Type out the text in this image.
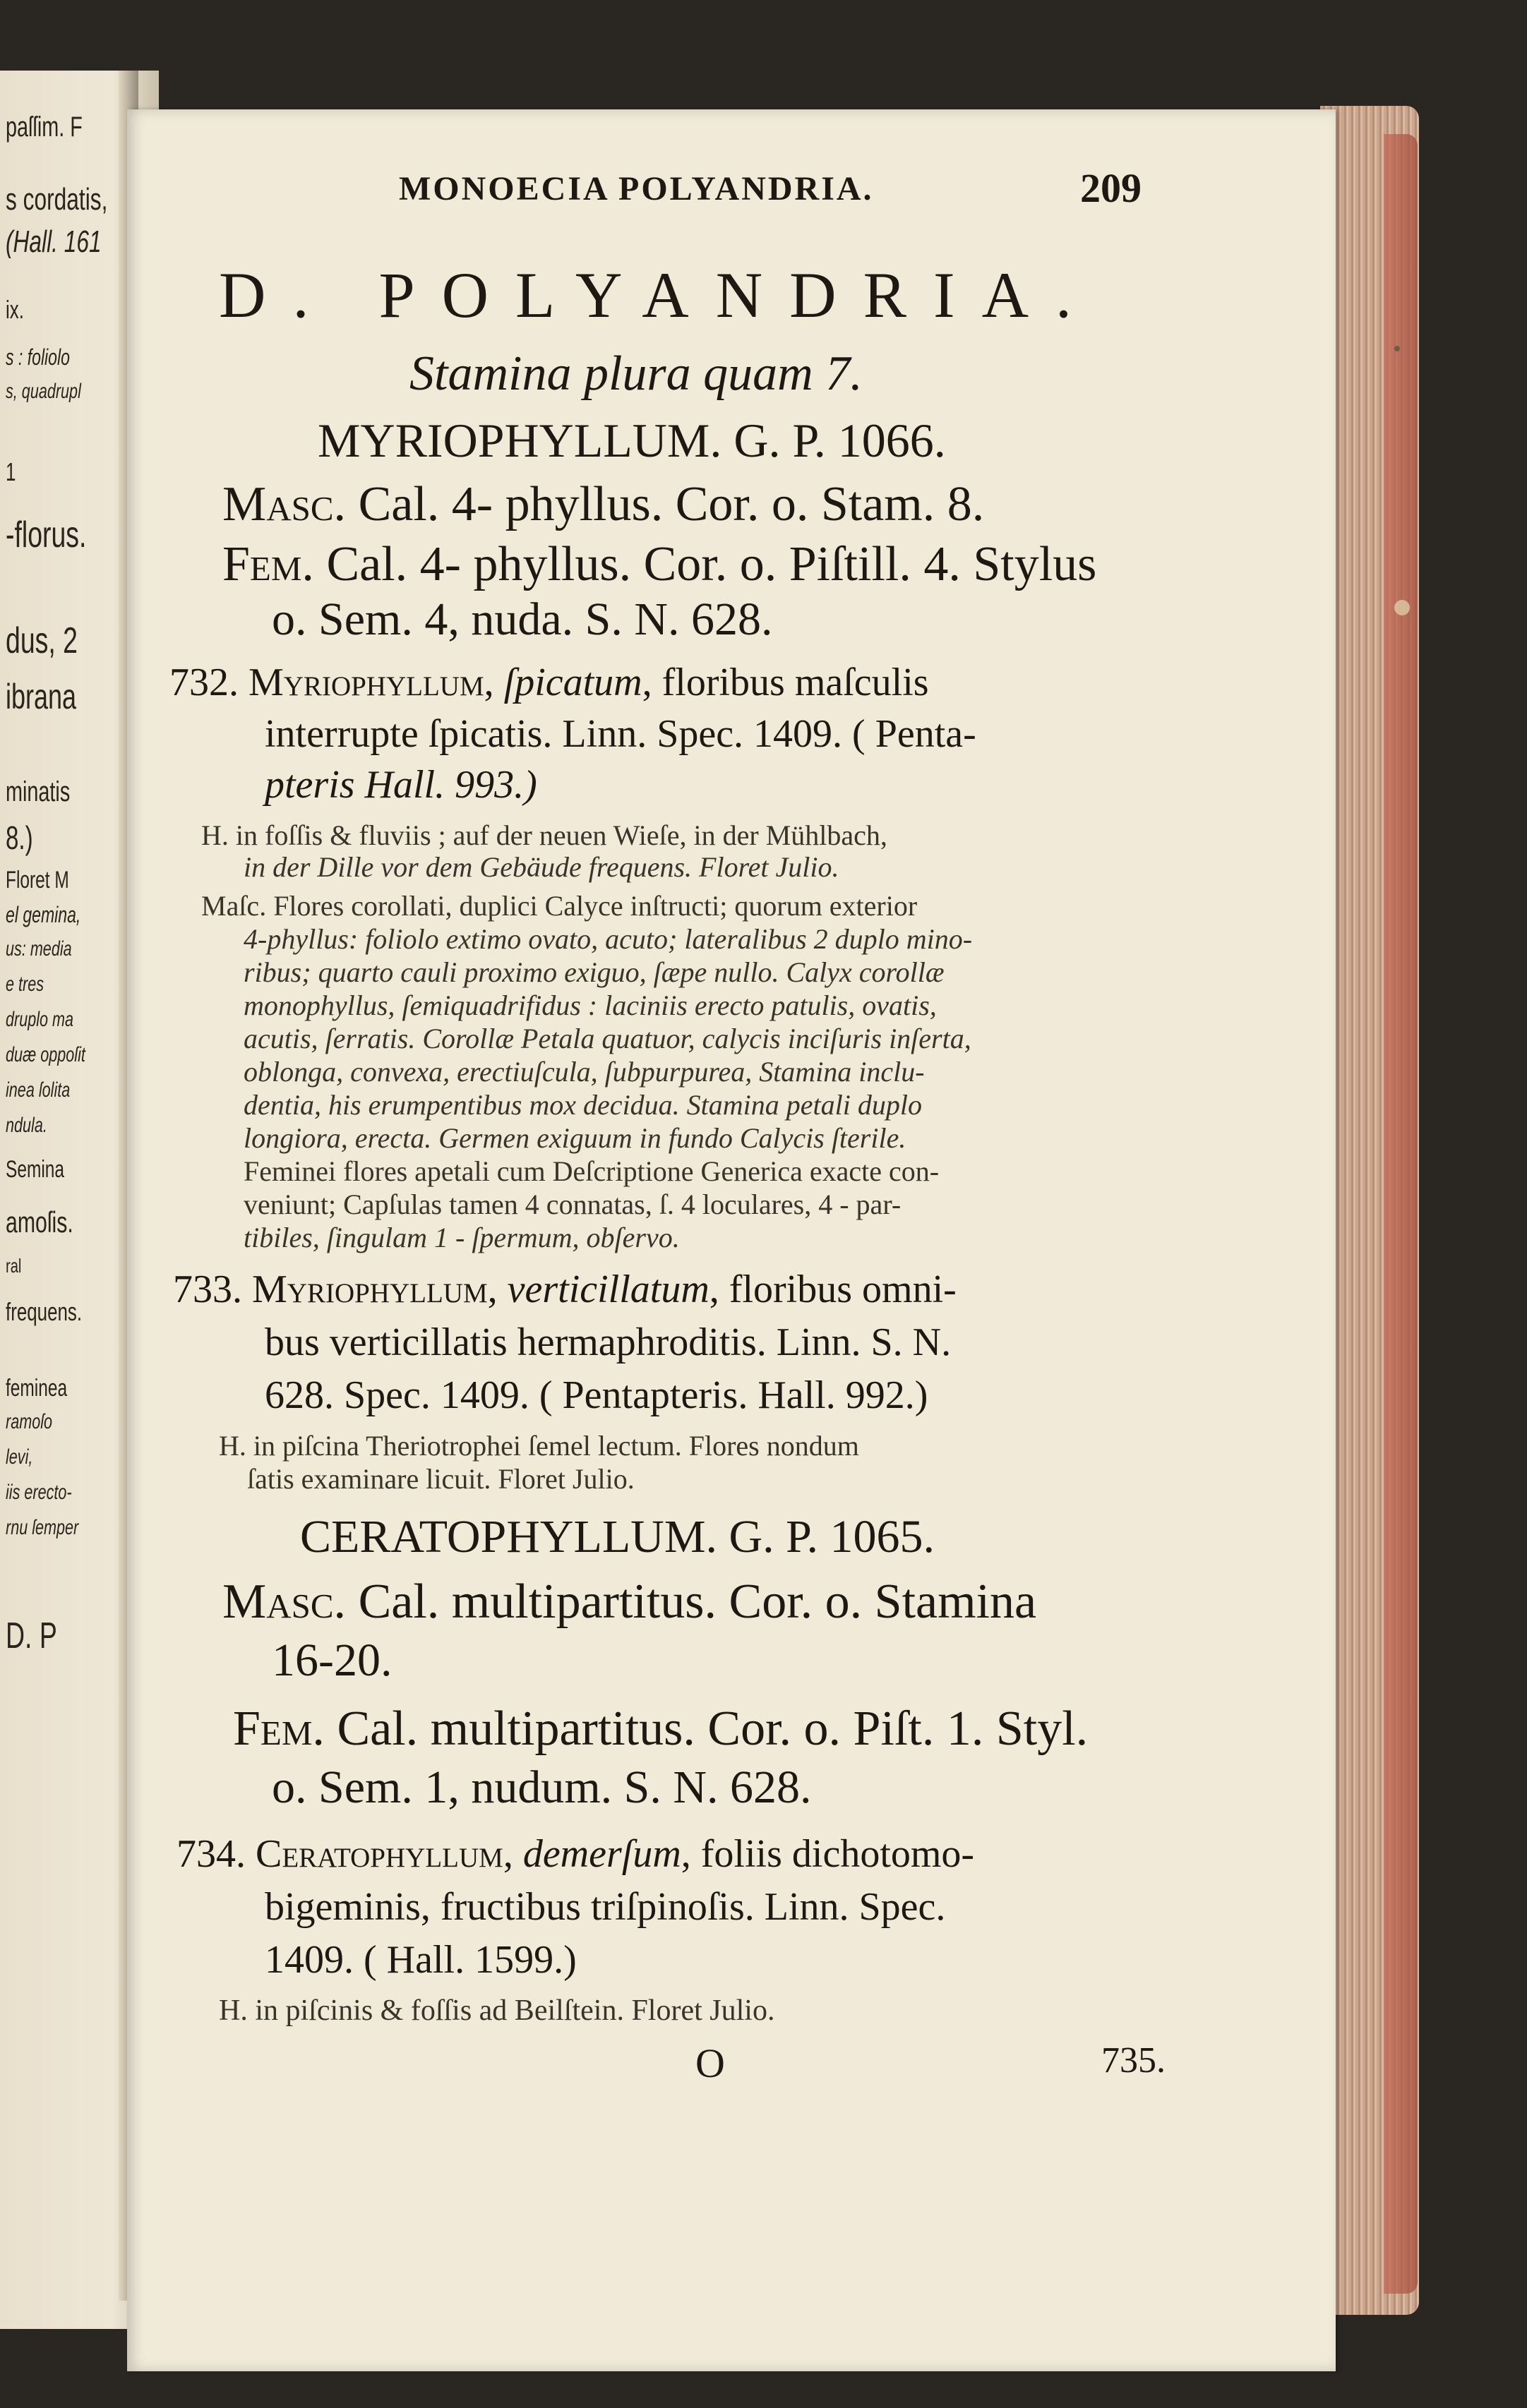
paſſim. F
s cordatis,
(Hall. 161
ix.
s : foliolo
s, quadrupl
1
-florus.
dus, 2
ibrana
minatis
8.)
Floret M
el gemina,
us: media
e tres
druplo ma
duæ oppoſit
inea ſolita
ndula.
Semina
amoſis.
ral
frequens.
feminea
ramoſo
levi,
iis erecto-
rnu ſemper
D. P
MONOECIA POLYANDRIA.	209
D. POLYANDRIA.
Stamina plura quam 7.
MYRIOPHYLLUM. G. P. 1066.
Masc. Cal. 4- phyllus. Cor. o. Stam. 8.
Fem. Cal. 4- phyllus. Cor. o. Piſtill. 4. Stylus
o. Sem. 4, nuda. S. N. 628.
732. Myriophyllum, ſpicatum, floribus maſculis
interrupte ſpicatis. Linn. Spec. 1409. ( Penta-
pteris Hall. 993.)
H. in foſſis & fluviis ; auf der neuen Wieſe, in der Mühlbach,
in der Dille vor dem Gebäude frequens. Floret Julio.
Maſc. Flores corollati, duplici Calyce inſtructi; quorum exterior
4-phyllus: foliolo extimo ovato, acuto; lateralibus 2 duplo mino-
ribus; quarto cauli proximo exiguo, ſæpe nullo. Calyx corollæ
monophyllus, ſemiquadrifidus : laciniis erecto patulis, ovatis,
acutis, ſerratis. Corollæ Petala quatuor, calycis inciſuris inſerta,
oblonga, convexa, erectiuſcula, ſubpurpurea, Stamina inclu-
dentia, his erumpentibus mox decidua. Stamina petali duplo
longiora, erecta. Germen exiguum in fundo Calycis ſterile.
Feminei flores apetali cum Deſcriptione Generica exacte con-
veniunt; Capſulas tamen 4 connatas, ſ. 4 loculares, 4 - par-
tibiles, ſingulam 1 - ſpermum, obſervo.
733. Myriophyllum, verticillatum, floribus omni-
bus verticillatis hermaphroditis. Linn. S. N.
628. Spec. 1409. ( Pentapteris. Hall. 992.)
H. in piſcina Theriotrophei ſemel lectum. Flores nondum
ſatis examinare licuit. Floret Julio.
CERATOPHYLLUM. G. P. 1065.
Masc. Cal. multipartitus. Cor. o. Stamina
16-20.
Fem. Cal. multipartitus. Cor. o. Piſt. 1. Styl.
o. Sem. 1, nudum. S. N. 628.
734. Ceratophyllum, demerſum, foliis dichotomo-
bigeminis, fructibus triſpinoſis. Linn. Spec.
1409. ( Hall. 1599.)
H. in piſcinis & foſſis ad Beilſtein. Floret Julio.
O	735.
